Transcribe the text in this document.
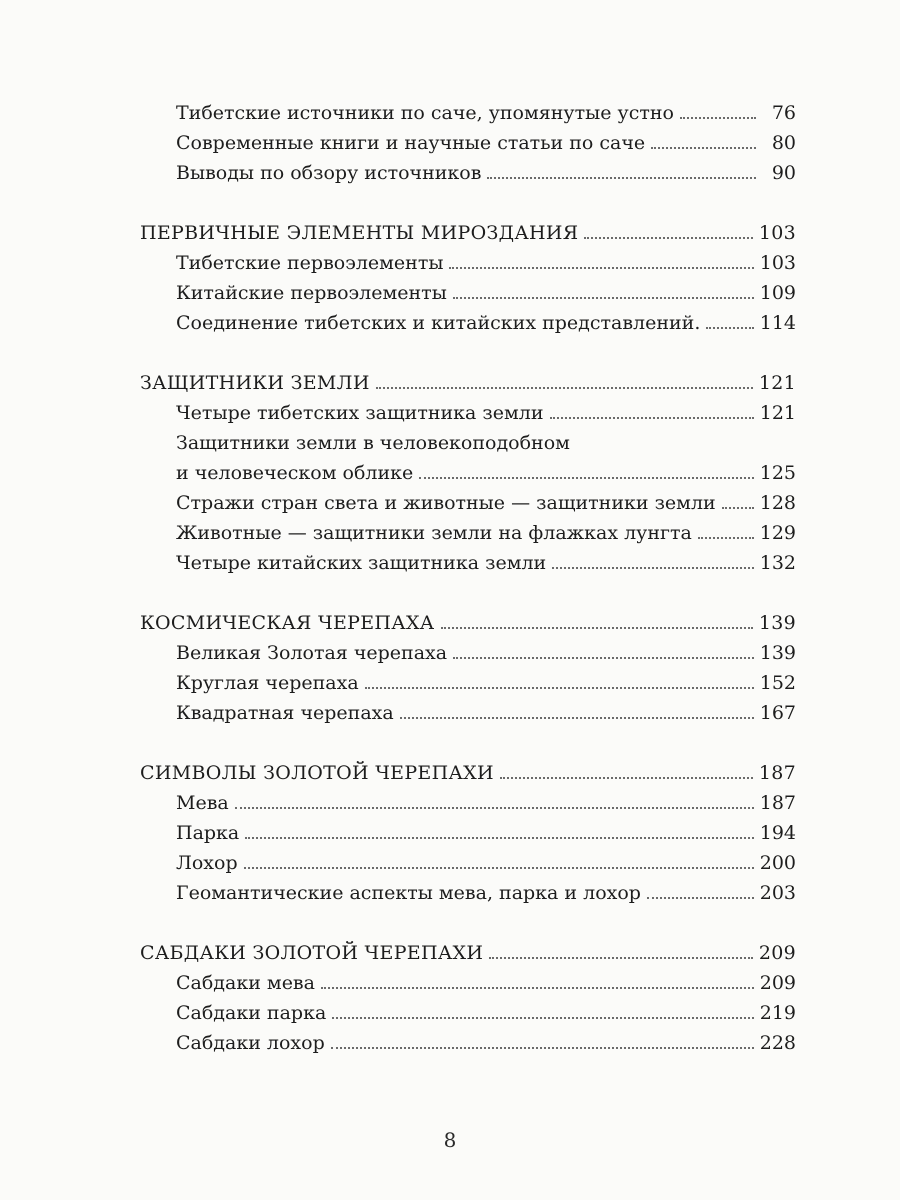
Тибетские источники по саче, упомянутые устно	76
Современные книги и научные статьи по саче	80
Выводы по обзору источников	90
ПЕРВИЧНЫЕ ЭЛЕМЕНТЫ МИРОЗДАНИЯ	103
Тибетские первоэлементы	103
Китайские первоэлементы	109
Соединение тибетских и китайских представлений.	114
ЗАЩИТНИКИ ЗЕМЛИ	121
Четыре тибетских защитника земли	121
Защитники земли в человекоподобном
и человеческом облике	125
Стражи стран света и животные — защитники земли 128
Животные — защитники земли на флажках лунгта	129
Четыре китайских защитника земли	132
КОСМИЧЕСКАЯ ЧЕРЕПАХА	139
Великая Золотая черепаха	139
Круглая черепаха	152
Квадратная черепаха	167
СИМВОЛЫ ЗОЛОТОЙ ЧЕРЕПАХИ	187
Мева	187
Парка	194
Лохор	200
Геомантические аспекты мева, парка и лохор	203
САБДАКИ ЗОЛОТОЙ ЧЕРЕПАХИ	209
Сабдаки мева	209
Сабдаки парка	219
Сабдаки лохор	228
8
